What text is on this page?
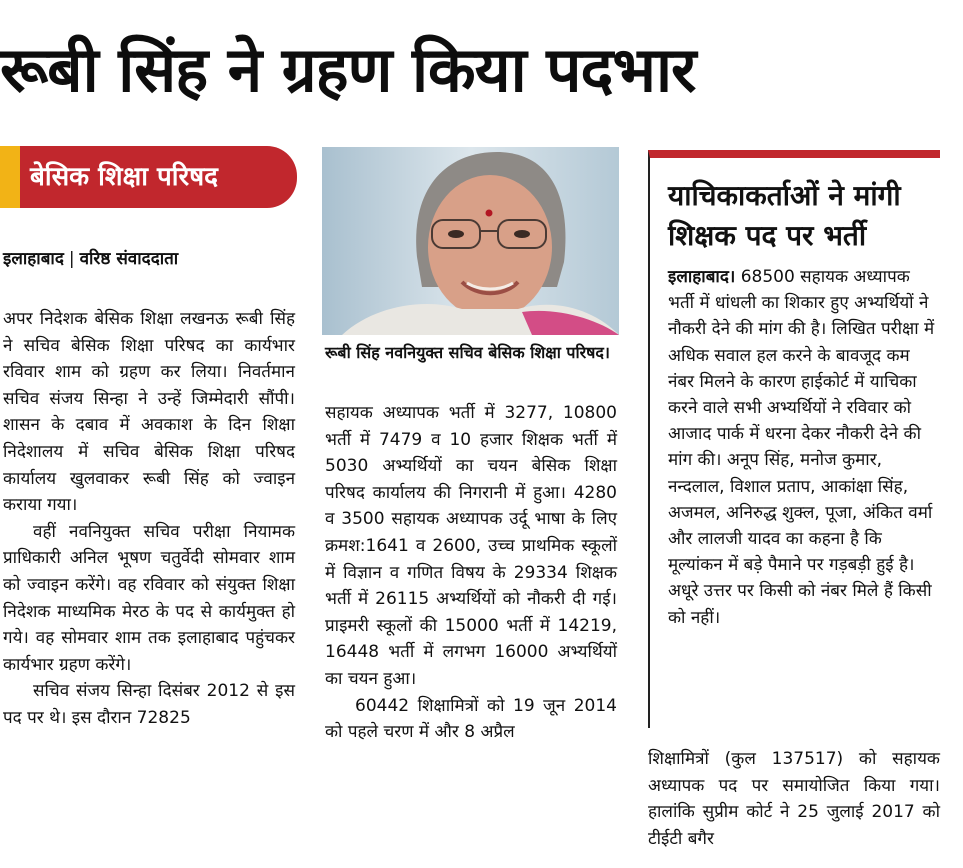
रूबी सिंह ने ग्रहण किया पदभार
बेसिक शिक्षा परिषद
इलाहाबाद | वरिष्ठ संवाददाता

अपर निदेशक बेसिक शिक्षा लखनऊ रूबी सिंह ने सचिव बेसिक शिक्षा परिषद का कार्यभार रविवार शाम को ग्रहण कर लिया। निवर्तमान सचिव संजय सिन्हा ने उन्हें जिम्मेदारी सौंपी। शासन के दबाव में अवकाश के दिन शिक्षा निदेशालय में सचिव बेसिक शिक्षा परिषद कार्यालय खुलवाकर रूबी सिंह को ज्वाइन कराया गया।

वहीं नवनियुक्त सचिव परीक्षा नियामक प्राधिकारी अनिल भूषण चतुर्वेदी सोमवार शाम को ज्वाइन करेंगे। वह रविवार को संयुक्त शिक्षा निदेशक माध्यमिक मेरठ के पद से कार्यमुक्त हो गये। वह सोमवार शाम तक इलाहाबाद पहुंचकर कार्यभार ग्रहण करेंगे।

सचिव संजय सिन्हा दिसंबर 2012 से इस पद पर थे। इस दौरान 72825

रूबी सिंह नवनियुक्त सचिव बेसिक शिक्षा परिषद।

सहायक अध्यापक भर्ती में 3277, 10800 भर्ती में 7479 व 10 हजार शिक्षक भर्ती में 5030 अभ्यर्थियों का चयन बेसिक शिक्षा परिषद कार्यालय की निगरानी में हुआ। 4280 व 3500 सहायक अध्यापक उर्दू भाषा के लिए क्रमश:1641 व 2600, उच्च प्राथमिक स्कूलों में विज्ञान व गणित विषय के 29334 शिक्षक भर्ती में 26115 अभ्यर्थियों को नौकरी दी गई। प्राइमरी स्कूलों की 15000 भर्ती में 14219, 16448 भर्ती में लगभग 16000 अभ्यर्थियों का चयन हुआ।

60442 शिक्षामित्रों को 19 जून 2014 को पहले चरण में और 8 अप्रैल

याचिकाकर्ताओं ने मांगी शिक्षक पद पर भर्ती
इलाहाबाद। 68500 सहायक अध्यापक भर्ती में धांधली का शिकार हुए अभ्यर्थियों ने नौकरी देने की मांग की है। लिखित परीक्षा में अधिक सवाल हल करने के बावजूद कम नंबर मिलने के कारण हाईकोर्ट में याचिका करने वाले सभी अभ्यर्थियों ने रविवार को आजाद पार्क में धरना देकर नौकरी देने की मांग की। अनूप सिंह, मनोज कुमार, नन्दलाल, विशाल प्रताप, आकांक्षा सिंह, अजमल, अनिरुद्ध शुक्ल, पूजा, अंकित वर्मा और लालजी यादव का कहना है कि मूल्यांकन में बड़े पैमाने पर गड़बड़ी हुई है। अधूरे उत्तर पर किसी को नंबर मिले हैं किसी को नहीं।

शिक्षामित्रों (कुल 137517) को सहायक अध्यापक पद पर समायोजित किया गया। हालांकि सुप्रीम कोर्ट ने 25 जुलाई 2017 को टीईटी बगैर
